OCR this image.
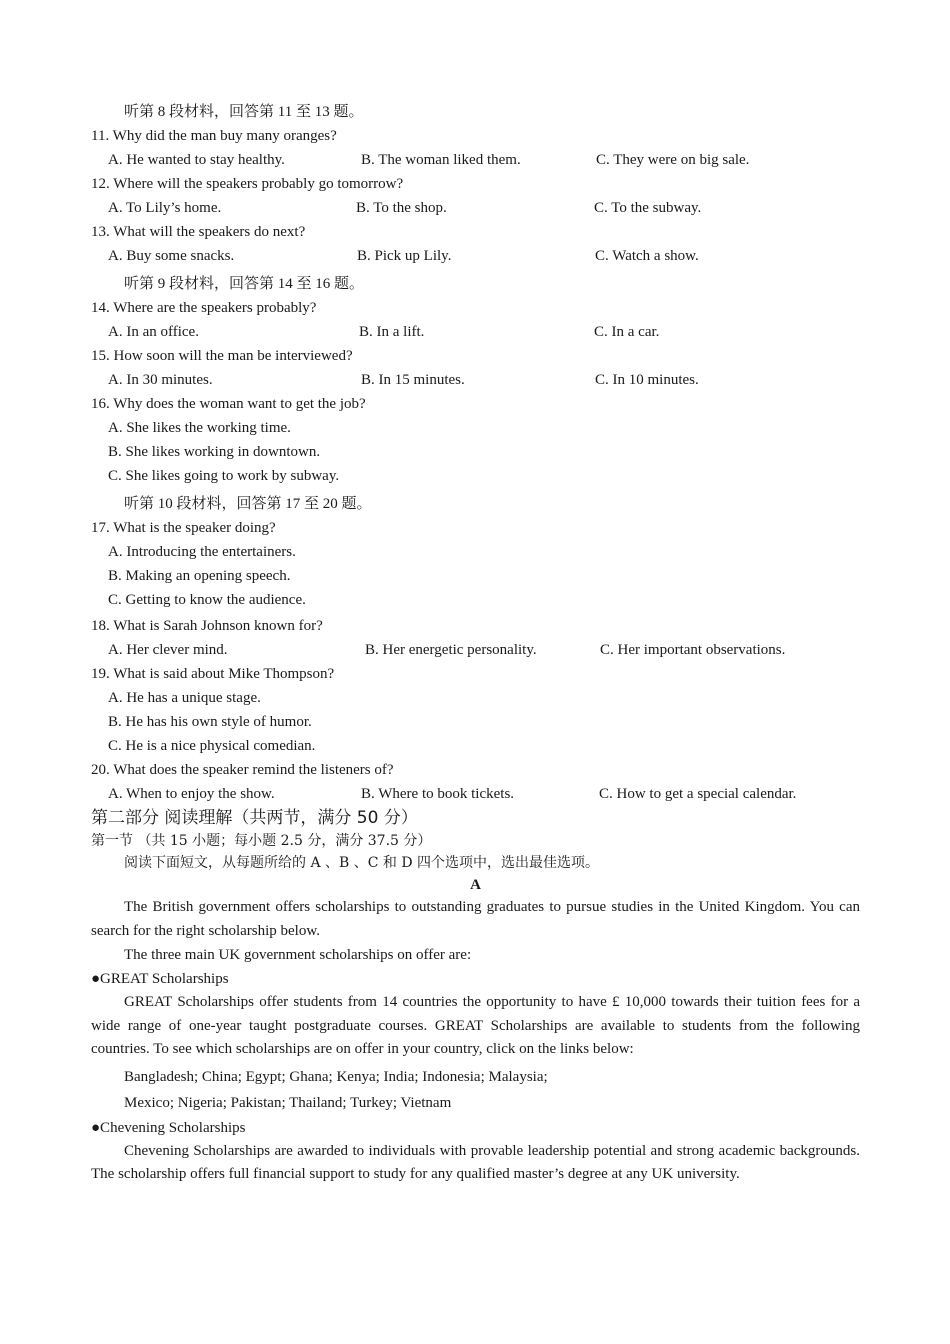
听第 8 段材料，回答第 11 至 13 题。
11. Why did the man buy many oranges?
A. He wanted to stay healthy.	B. The woman liked them.	C. They were on big sale.
12. Where will the speakers probably go tomorrow?
A. To Lily’s home.	B. To the shop.	C. To the subway.
13. What will the speakers do next?
A. Buy some snacks.	B. Pick up Lily.	C. Watch a show.
听第 9 段材料，回答第 14 至 16 题。
14. Where are the speakers probably?
A. In an office.	B. In a lift.	C. In a car.
15. How soon will the man be interviewed?
A. In 30 minutes.	B. In 15 minutes.	C. In 10 minutes.
16. Why does the woman want to get the job?
A. She likes the working time.
B. She likes working in downtown.
C. She likes going to work by subway.
听第 10 段材料，回答第 17 至 20 题。
17. What is the speaker doing?
A. Introducing the entertainers.
B. Making an opening speech.
C. Getting to know the audience.
18. What is Sarah Johnson known for?
A. Her clever mind.	B. Her energetic personality.	C. Her important observations.
19. What is said about Mike Thompson?
A. He has a unique stage.
B. He has his own style of humor.
C. He is a nice physical comedian.
20. What does the speaker remind the listeners of?
A. When to enjoy the show.	B. Where to book tickets.	C. How to get a special calendar.
第二部分 阅读理解（共两节，满分 50 分）
第一节 （共 15 小题；每小题 2.5 分，满分 37.5 分）
阅读下面短文，从每题所给的 A 、B 、C 和 D 四个选项中，选出最佳选项。
A
The British government offers scholarships to outstanding graduates to pursue studies in the United Kingdom. You can search for the right scholarship below.
The three main UK government scholarships on offer are:
●GREAT Scholarships
GREAT Scholarships offer students from 14 countries the opportunity to have £ 10,000 towards their tuition fees for a wide range of one-year taught postgraduate courses. GREAT Scholarships are available to students from the following countries. To see which scholarships are on offer in your country, click on the links below:
Bangladesh; China; Egypt; Ghana; Kenya; India; Indonesia; Malaysia;
Mexico; Nigeria; Pakistan; Thailand; Turkey; Vietnam
●Chevening Scholarships
Chevening Scholarships are awarded to individuals with provable leadership potential and strong academic backgrounds. The scholarship offers full financial support to study for any qualified master’s degree at any UK university.
